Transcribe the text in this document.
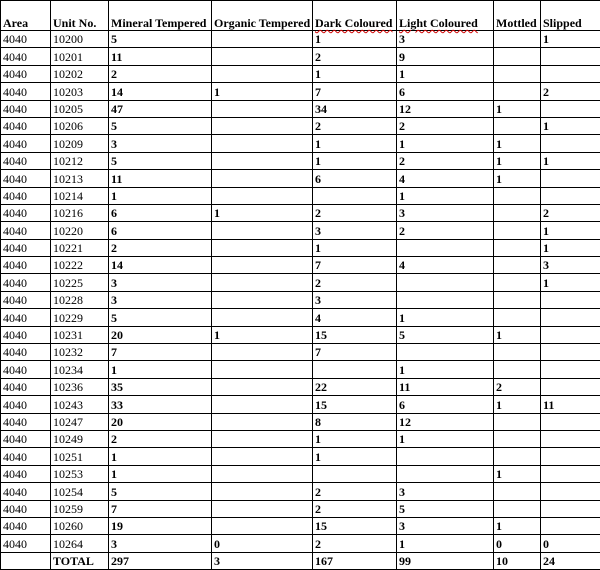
Area	Unit No.	Mineral Tempered	Organic Tempered	Dark Coloured	Light Coloured	Mottled	Slipped
4040	10200	5		1	3		1
4040	10201	11		2	9		
4040	10202	2		1	1		
4040	10203	14	1	7	6		2
4040	10205	47		34	12	1	
4040	10206	5		2	2		1
4040	10209	3		1	1	1	
4040	10212	5		1	2	1	1
4040	10213	11		6	4	1	
4040	10214	1			1		
4040	10216	6	1	2	3		2
4040	10220	6		3	2		1
4040	10221	2		1			1
4040	10222	14		7	4		3
4040	10225	3		2			1
4040	10228	3		3			
4040	10229	5		4	1		
4040	10231	20	1	15	5	1	
4040	10232	7		7			
4040	10234	1			1		
4040	10236	35		22	11	2	
4040	10243	33		15	6	1	11
4040	10247	20		8	12		
4040	10249	2		1	1		
4040	10251	1		1			
4040	10253	1				1	
4040	10254	5		2	3		
4040	10259	7		2	5		
4040	10260	19		15	3	1	
4040	10264	3	0	2	1	0	0
	TOTAL	297	3	167	99	10	24
